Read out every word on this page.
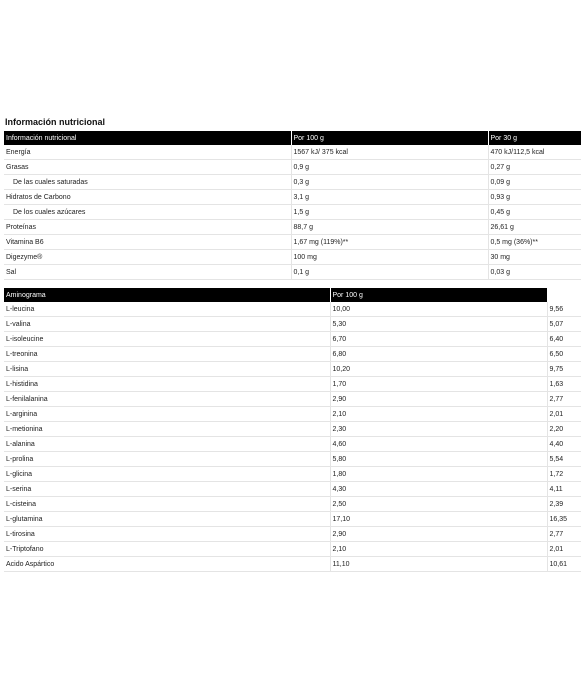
Información nutricional
Información nutricional	Por 100 g	Por 30 g
Energía	1567 kJ/ 375 kcal	470 kJ/112,5 kcal
Grasas	0,9 g	0,27 g
De las cuales saturadas	0,3 g	0,09 g
Hidratos de Carbono	3,1 g	0,93 g
De los cuales azúcares	1,5 g	0,45 g
Proteínas	88,7 g	26,61 g
Vitamina B6	1,67 mg (119%)**	0,5 mg (36%)**
Digezyme®	100 mg	30 mg
Sal	0,1 g	0,03 g
Aminograma	Por 100 g	
L-leucina	10,00	9,56
L-valina	5,30	5,07
L-isoleucine	6,70	6,40
L-treonina	6,80	6,50
L-lisina	10,20	9,75
L-histidina	1,70	1,63
L-fenilalanina	2,90	2,77
L-arginina	2,10	2,01
L-metionina	2,30	2,20
L-alanina	4,60	4,40
L-prolina	5,80	5,54
L-glicina	1,80	1,72
L-serina	4,30	4,11
L-cisteina	2,50	2,39
L-glutamina	17,10	16,35
L-tirosina	2,90	2,77
L-Triptofano	2,10	2,01
Acido Aspártico	11,10	10,61
